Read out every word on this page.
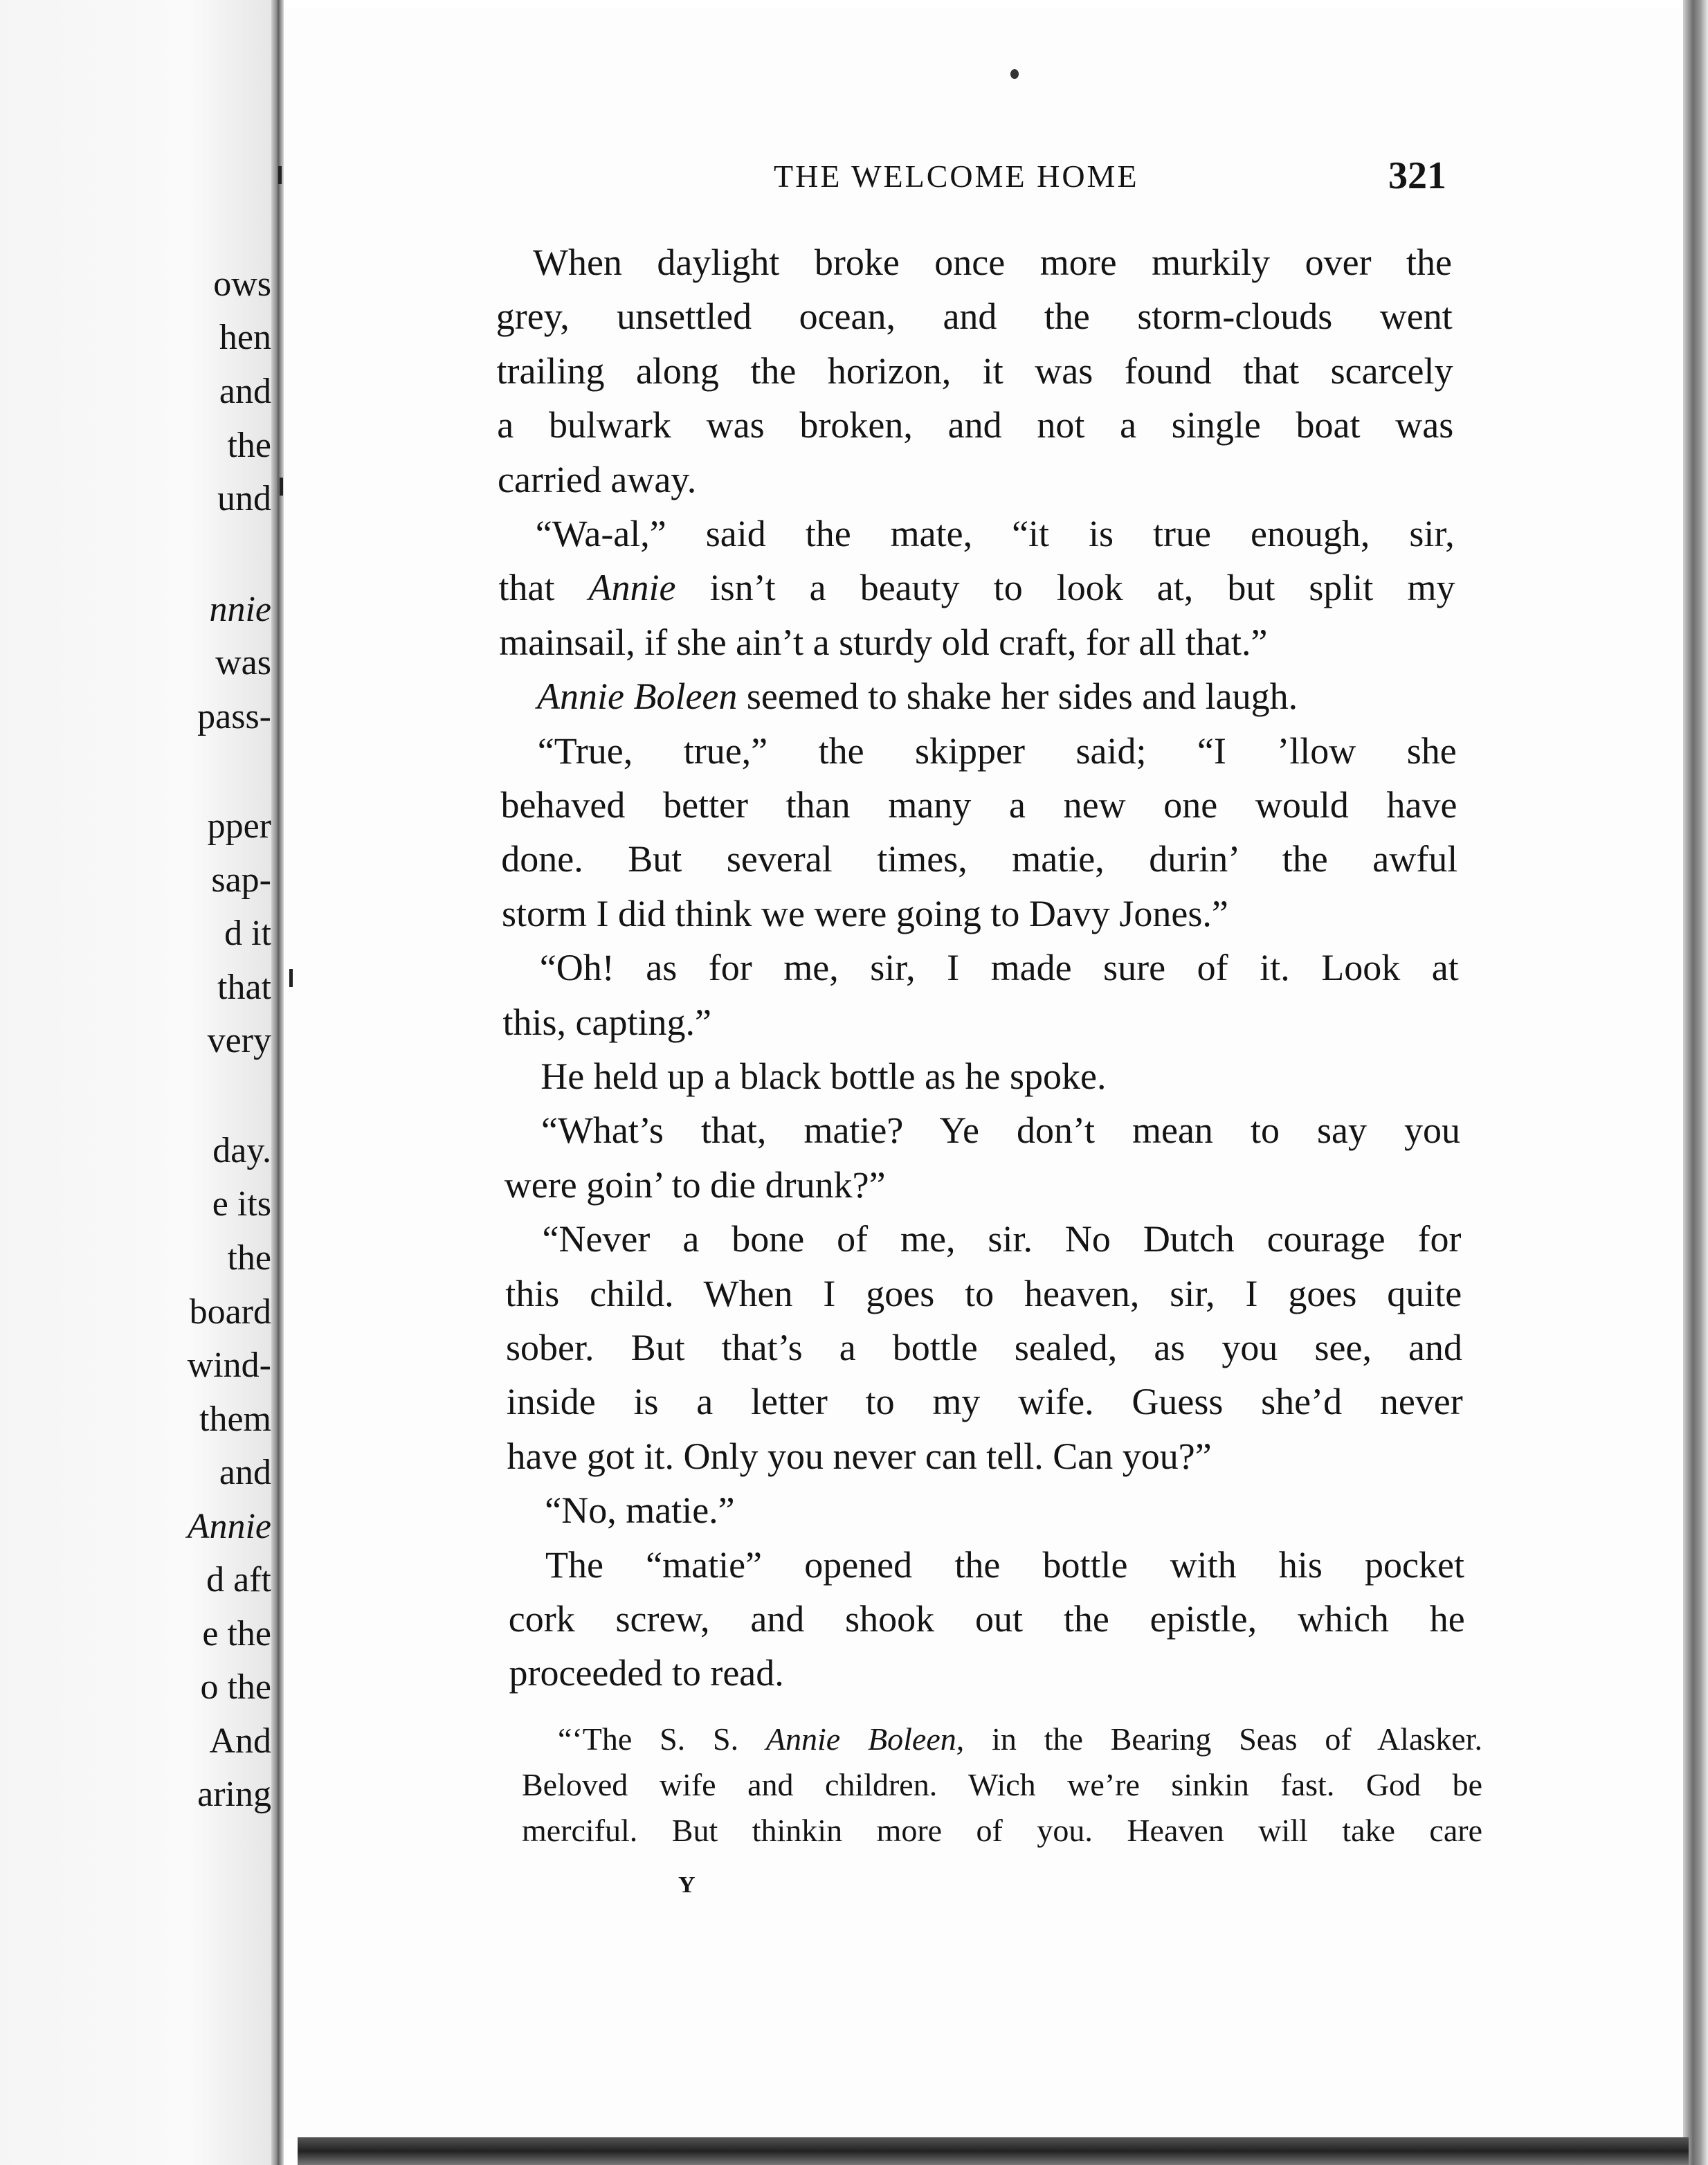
ows
hen
and
the
und
nnie
was
pass-
pper
sap-
d it
that
very
day.
e its
the
board
wind-
them
and
Annie
d aft
e the
o the
And
aring
THE WELCOME HOME	321
When daylight broke once more murkily over the
grey, unsettled ocean, and the storm-clouds went
trailing along the horizon, it was found that scarcely
a bulwark was broken, and not a single boat was
carried away.
“Wa-al,” said the mate, “it is true enough, sir,
that Annie isn’t a beauty to look at, but split my
mainsail, if she ain’t a sturdy old craft, for all that.”
Annie Boleen seemed to shake her sides and laugh.
“True, true,” the skipper said; “I ’llow she
behaved better than many a new one would have
done. But several times, matie, durin’ the awful
storm I did think we were going to Davy Jones.”
“Oh! as for me, sir, I made sure of it. Look at
this, capting.”
He held up a black bottle as he spoke.
“What’s that, matie? Ye don’t mean to say you
were goin’ to die drunk?”
“Never a bone of me, sir. No Dutch courage for
this child. When I goes to heaven, sir, I goes quite
sober. But that’s a bottle sealed, as you see, and
inside is a letter to my wife. Guess she’d never
have got it. Only you never can tell. Can you?”
“No, matie.”
The “matie” opened the bottle with his pocket
cork screw, and shook out the epistle, which he
proceeded to read.
“‘The S. S. Annie Boleen, in the Bearing Seas of Alasker.
Beloved wife and children. Wich we’re sinkin fast. God be
merciful. But thinkin more of you. Heaven will take care
Y
